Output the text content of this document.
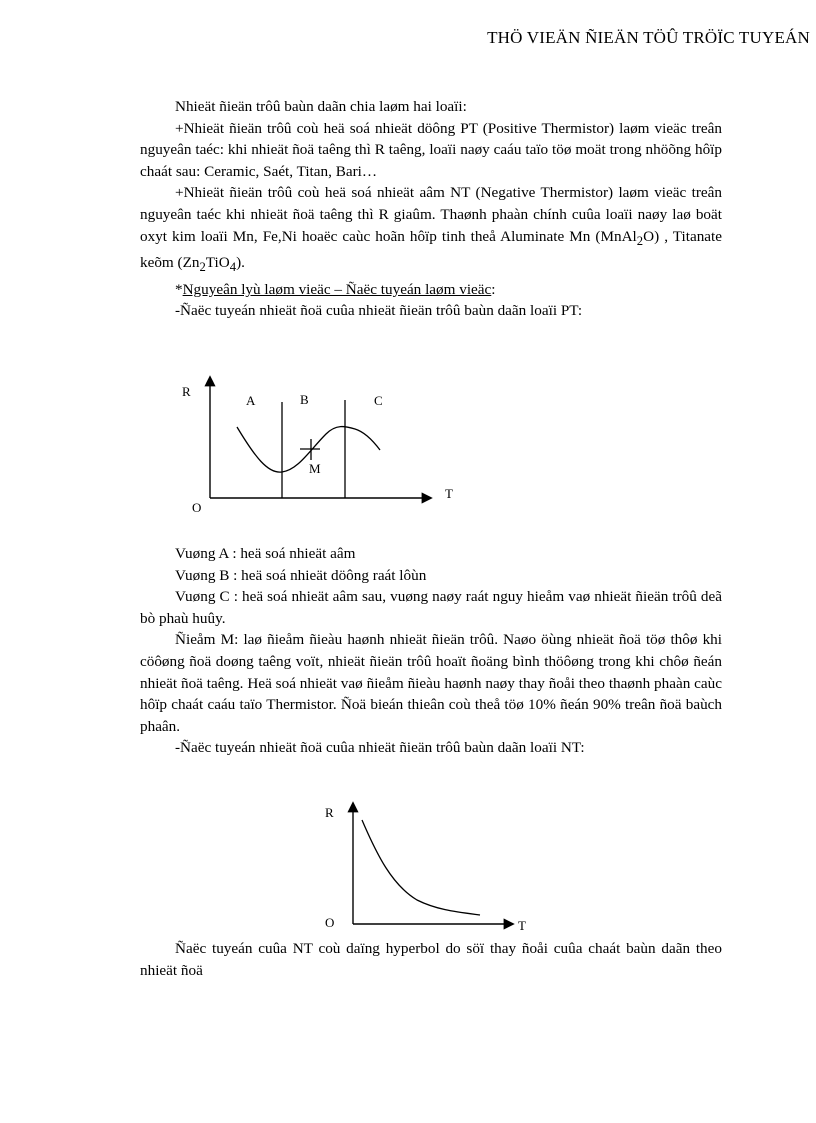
THÖ VIEÄN ÑIEÄN TÖÛ TRÖÏC TUYEÁN

Nhieät ñieän trôû baùn daãn chia laøm hai loaïi:

+Nhieät ñieän trôû coù heä soá nhieät döông PT (Positive Thermistor) laøm vieäc treân nguyeân taéc: khi nhieät ñoä taêng thì R taêng, loaïi naøy caáu taïo töø moät trong nhöõng hôïp chaát sau: Ceramic, Saét, Titan, Bari…

+Nhieät ñieän trôû coù heä soá nhieät aâm NT (Negative Thermistor) laøm vieäc treân nguyeân taéc khi nhieät ñoä taêng thì R giaûm. Thaønh phaàn chính cuûa loaïi naøy laø boät oxyt kim loaïi Mn, Fe,Ni hoaëc caùc hoãn hôïp tinh theå Aluminate Mn (MnAl$_2$O) , Titanate keõm $(Zn_2TiO_4)$.

*Nguyeân lyù laøm vieäc – Ñaëc tuyeán laøm vieäc:

-Ñaëc tuyeán nhieät ñoä cuûa nhieät ñieän trôû baùn daãn loaïi PT:

R
T
O
A	B	C
M

Vuøng A : heä soá nhieät aâm

Vuøng B : heä soá nhieät döông raát lôùn

Vuøng C : heä soá nhieät aâm sau, vuøng naøy raát nguy hieåm vaø nhieät ñieän trôû deã bò phaù huûy.

Ñieåm M: laø ñieåm ñieàu haønh nhieät ñieän trôû. Naøo öùng nhieät ñoä töø thôø khi cöôøng ñoä doøng taêng voït, nhieät ñieän trôû hoaït ñoäng bình thöôøng trong khi chôø ñeán nhieät ñoä taêng. Heä soá nhieät vaø ñieåm ñieàu haønh naøy thay ñoåi theo thaønh phaàn caùc hôïp chaát caáu taïo Thermistor. Ñoä bieán thieân coù theå töø 10% ñeán 90% treân ñoä baùch phaân.

-Ñaëc tuyeán nhieät ñoä cuûa nhieät ñieän trôû baùn daãn loaïi NT:

R
T
O

Ñaëc tuyeán cuûa NT coù daïng hyperbol do söï thay ñoåi cuûa chaát baùn daãn theo nhieät ñoä
